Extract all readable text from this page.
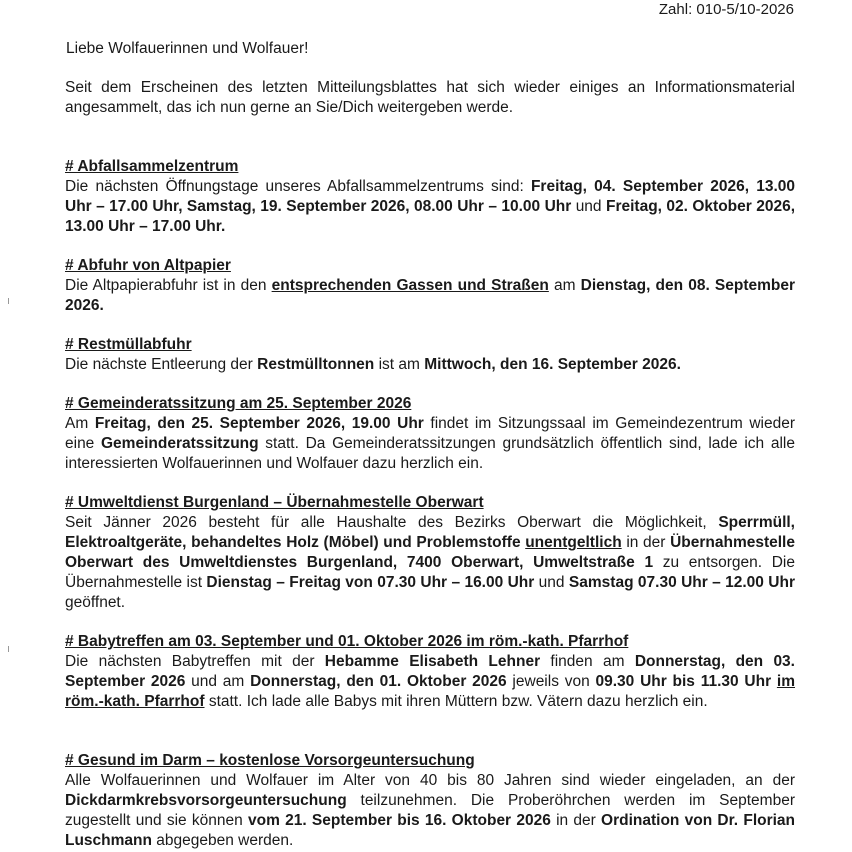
Zahl: 010-5/10-2026
Liebe Wolfauerinnen und Wolfauer!
Seit dem Erscheinen des letzten Mitteilungsblattes hat sich wieder einiges an Informationsmaterial angesammelt, das ich nun gerne an Sie/Dich weitergeben werde.
# Abfallsammelzentrum

Die nächsten Öffnungstage unseres Abfallsammelzentrums sind: Freitag, 04. September 2026, 13.00 Uhr – 17.00 Uhr, Samstag, 19. September 2026, 08.00 Uhr – 10.00 Uhr und Freitag, 02. Oktober 2026, 13.00 Uhr – 17.00 Uhr.

# Abfuhr von Altpapier

Die Altpapierabfuhr ist in den entsprechenden Gassen und Straßen am Dienstag, den 08. September 2026.

# Restmüllabfuhr

Die nächste Entleerung der Restmülltonnen ist am Mittwoch, den 16. September 2026.

# Gemeinderatssitzung am 25. September 2026

Am Freitag, den 25. September 2026, 19.00 Uhr findet im Sitzungssaal im Gemeindezentrum wieder eine Gemeinderatssitzung statt. Da Gemeinderatssitzungen grundsätzlich öffentlich sind, lade ich alle interessierten Wolfauerinnen und Wolfauer dazu herzlich ein.

# Umweltdienst Burgenland – Übernahmestelle Oberwart

Seit Jänner 2026 besteht für alle Haushalte des Bezirks Oberwart die Möglichkeit, Sperrmüll, Elektroaltgeräte, behandeltes Holz (Möbel) und Problemstoffe unentgeltlich in der Übernahmestelle Oberwart des Umweltdienstes Burgenland, 7400 Oberwart, Umweltstraße 1 zu entsorgen. Die Übernahmestelle ist Dienstag – Freitag von 07.30 Uhr – 16.00 Uhr und Samstag 07.30 Uhr – 12.00 Uhr geöffnet.

# Babytreffen am 03. September und 01. Oktober 2026 im röm.-kath. Pfarrhof

Die nächsten Babytreffen mit der Hebamme Elisabeth Lehner finden am Donnerstag, den 03. September 2026 und am Donnerstag, den 01. Oktober 2026 jeweils von 09.30 Uhr bis 11.30 Uhr im röm.-kath. Pfarrhof statt. Ich lade alle Babys mit ihren Müttern bzw. Vätern dazu herzlich ein.

# Gesund im Darm – kostenlose Vorsorgeuntersuchung

Alle Wolfauerinnen und Wolfauer im Alter von 40 bis 80 Jahren sind wieder eingeladen, an der Dickdarmkrebsvorsorgeuntersuchung teilzunehmen. Die Proberöhrchen werden im September zugestellt und sie können vom 21. September bis 16. Oktober 2026 in der Ordination von Dr. Florian Luschmann abgegeben werden.
